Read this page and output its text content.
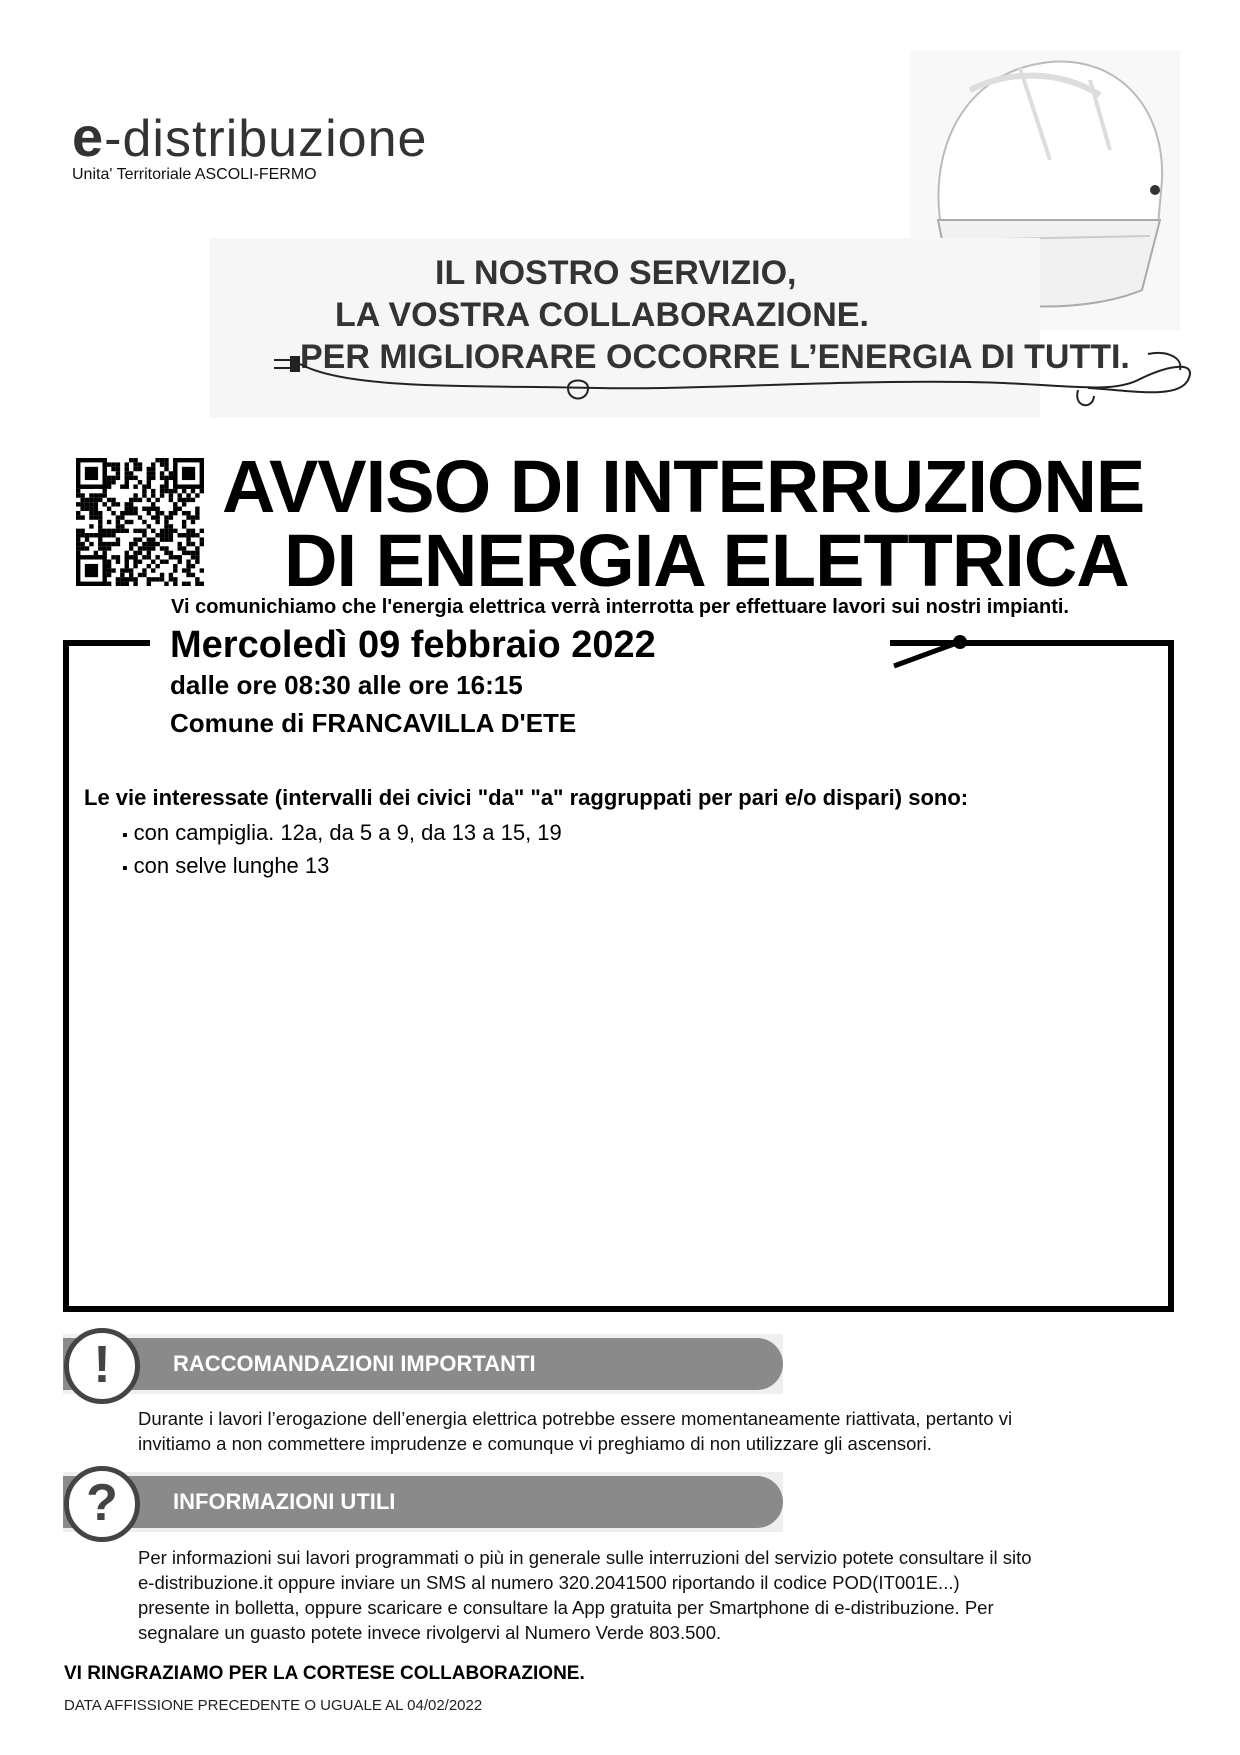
e-distribuzione
Unita' Territoriale ASCOLI-FERMO
IL NOSTRO SERVIZIO,
LA VOSTRA COLLABORAZIONE.
PER MIGLIORARE OCCORRE L’ENERGIA DI TUTTI.
AVVISO DI INTERRUZIONE
DI ENERGIA ELETTRICA
Vi comunichiamo che l'energia elettrica verrà interrotta per effettuare lavori sui nostri impianti.
Mercoledì 09 febbraio 2022
dalle ore 08:30 alle ore 16:15
Comune di FRANCAVILLA D'ETE
Le vie interessate (intervalli dei civici "da" "a" raggruppati per pari e/o dispari) sono:
▪ con campiglia. 12a, da 5 a 9, da 13 a 15, 19
▪ con selve lunghe 13
RACCOMANDAZIONI IMPORTANTI
!
Durante i lavori l’erogazione dell’energia elettrica potrebbe essere momentaneamente riattivata, pertanto vi
invitiamo a non commettere imprudenze e comunque vi preghiamo di non utilizzare gli ascensori.
INFORMAZIONI UTILI
?
Per informazioni sui lavori programmati o più in generale sulle interruzioni del servizio potete consultare il sito
e-distribuzione.it oppure inviare un SMS al numero 320.2041500 riportando il codice POD(IT001E...)
presente in bolletta, oppure scaricare e consultare la App gratuita per Smartphone di e-distribuzione. Per
segnalare un guasto potete invece rivolgervi al Numero Verde 803.500.
VI RINGRAZIAMO PER LA CORTESE COLLABORAZIONE.
DATA AFFISSIONE PRECEDENTE O UGUALE AL 04/02/2022
